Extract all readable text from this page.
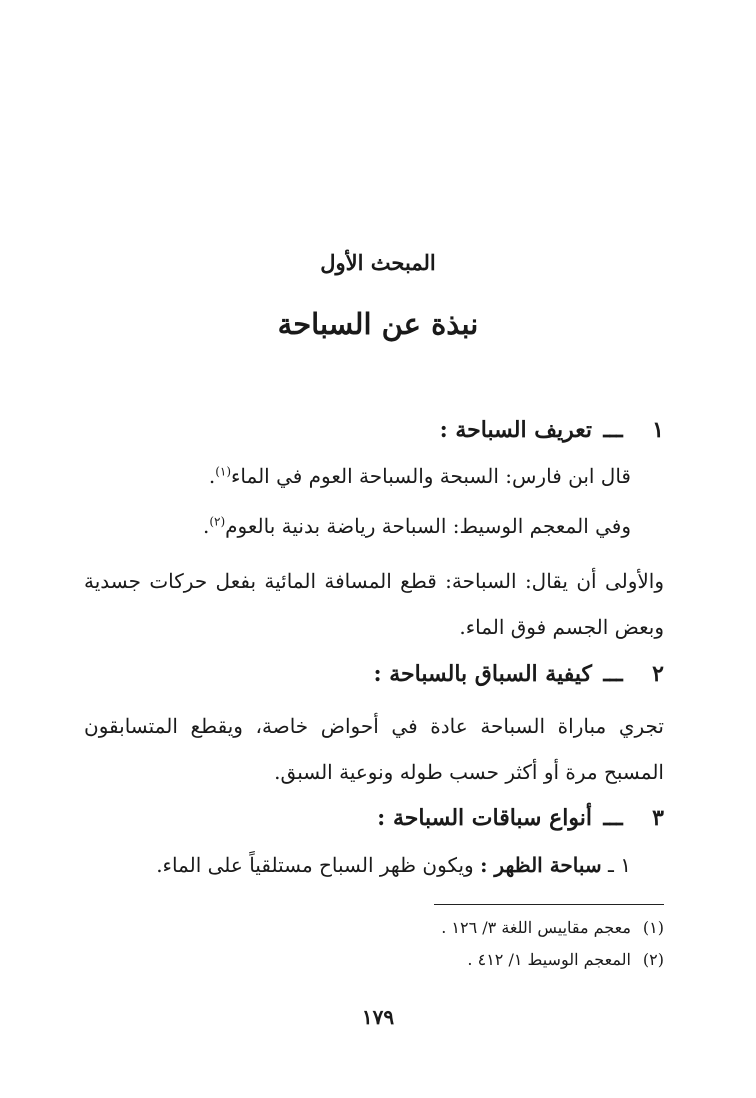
المبحث الأول
نبذة عن السباحة
١ـــتعريف السباحة :
قال ابن فارس: السبحة والسباحة العوم في الماء$^{(١)}$.
وفي المعجم الوسيط: السباحة رياضة بدنية بالعوم$^{(٢)}$.
والأولى أن يقال: السباحة: قطع المسافة المائية بفعل حركات جسدية وبعض الجسم فوق الماء.
٢ـــكيفية السباق بالسباحة :
تجري مباراة السباحة عادة في أحواض خاصة، ويقطع المتسابقون المسبح مرة أو أكثر حسب طوله ونوعية السبق.
٣ـــأنواع سباقات السباحة :
١ ـ سباحة الظهر : ويكون ظهر السباح مستلقياً على الماء.
(١)معجم مقاييس اللغة ٣/ ١٢٦ .
(٢)المعجم الوسيط ١/ ٤١٢ .
١٧٩
